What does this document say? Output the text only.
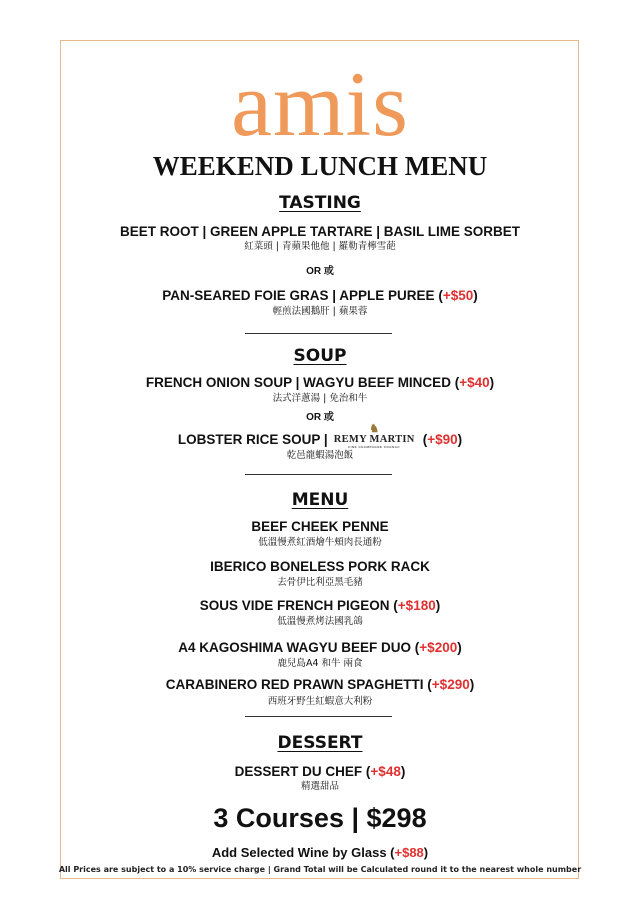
amis
WEEKEND LUNCH MENU
TASTING
BEET ROOT | GREEN APPLE TARTARE | BASIL LIME SORBET
紅菜頭 | 青蘋果他他 | 羅勒青檸雪葩
OR 或
PAN-SEARED FOIE GRAS | APPLE PUREE (+$50)
輕煎法國鵝肝 | 蘋果蓉
SOUP
FRENCH ONION SOUP | WAGYU BEEF MINCED (+$40)
法式洋蔥湯 | 免治和牛
OR 或
LOBSTER RICE SOUP |
♞
REMY MARTIN
FINE CHAMPAGNE COGNAC	(+$90)
乾邑龍蝦湯泡飯
MENU
BEEF CHEEK PENNE
低溫慢煮紅酒燴牛頰肉長通粉
IBERICO BONELESS PORK RACK
去骨伊比利亞黑毛豬
SOUS VIDE FRENCH PIGEON (+$180)
低溫慢煮烤法國乳鴿
A4 KAGOSHIMA WAGYU BEEF DUO (+$200)
鹿兒島A4 和牛 兩食
CARABINERO RED PRAWN SPAGHETTI (+$290)
西班牙野生紅蝦意大利粉
DESSERT
DESSERT DU CHEF (+$48)
精選甜品
3 Courses | $298
Add Selected Wine by Glass (+$88)
All Prices are subject to a 10% service charge | Grand Total will be Calculated round it to the nearest whole number
